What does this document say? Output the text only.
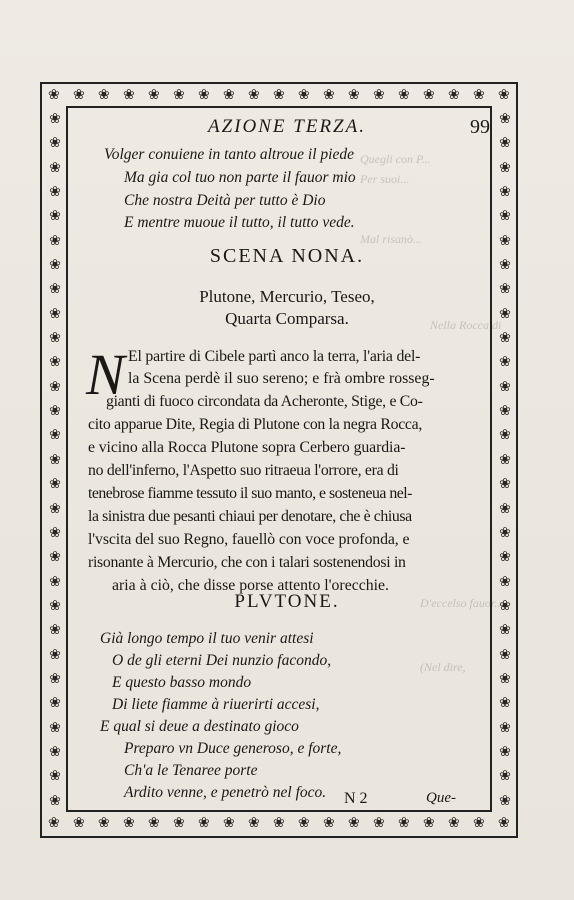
Quegli con P...
Per suoi...
Mal risanò...
Nella Rocca di
D'eccelso fauor...
(Nel dire,
❀ ❀ ❀ ❀ ❀ ❀ ❀ ❀ ❀ ❀ ❀ ❀ ❀ ❀ ❀ ❀ ❀ ❀ ❀
❀ ❀ ❀ ❀ ❀ ❀ ❀ ❀ ❀ ❀ ❀ ❀ ❀ ❀ ❀ ❀ ❀ ❀ ❀
❀
❀
❀
❀
❀
❀
❀
❀
❀
❀
❀
❀
❀
❀
❀
❀
❀
❀
❀
❀
❀
❀
❀
❀
❀
❀
❀
❀
❀
❀
❀
❀
❀
❀
❀
❀
❀
❀
❀
❀
❀
❀
❀
❀
❀
❀
❀
❀
❀
❀
❀
❀
❀
❀
❀
❀
❀
❀
AZIONE TERZA.	99
Volger conuiene in tanto altroue il piede
Ma gia col tuo non parte il fauor mio
Che nostra Deità per tutto è Dio
E mentre muoue il tutto, il tutto vede.
SCENA NONA.
Plutone, Mercurio, Teseo,
Quarta Comparsa.
N El partire di Cibele partì anco la terra, l'aria del-
la Scena perdè il suo sereno; e frà ombre rosseg-
gianti di fuoco circondata da Acheronte, Stige, e Co-
cito apparue Dite, Regia di Plutone con la negra Rocca,
e vicino alla Rocca Plutone sopra Cerbero guardia-
no dell'inferno, l'Aspetto suo ritraeua l'orrore, era di
tenebrose fiamme tessuto il suo manto, e sosteneua nel-
la sinistra due pesanti chiaui per denotare, che è chiusa
l'vscita del suo Regno, fauellò con voce profonda, e
risonante à Mercurio, che con i talari sostenendosi in
aria à ciò, che disse porse attento l'orecchie.
PLVTONE.
Già longo tempo il tuo venir attesi
O de gli eterni Dei nunzio facondo,
E questo basso mondo
Di liete fiamme à riuerirti accesi,
E qual si deue a destinato gioco
Preparo vn Duce generoso, e forte,
Ch'a le Tenaree porte
Ardito venne, e penetrò nel foco. N 2	Que-
